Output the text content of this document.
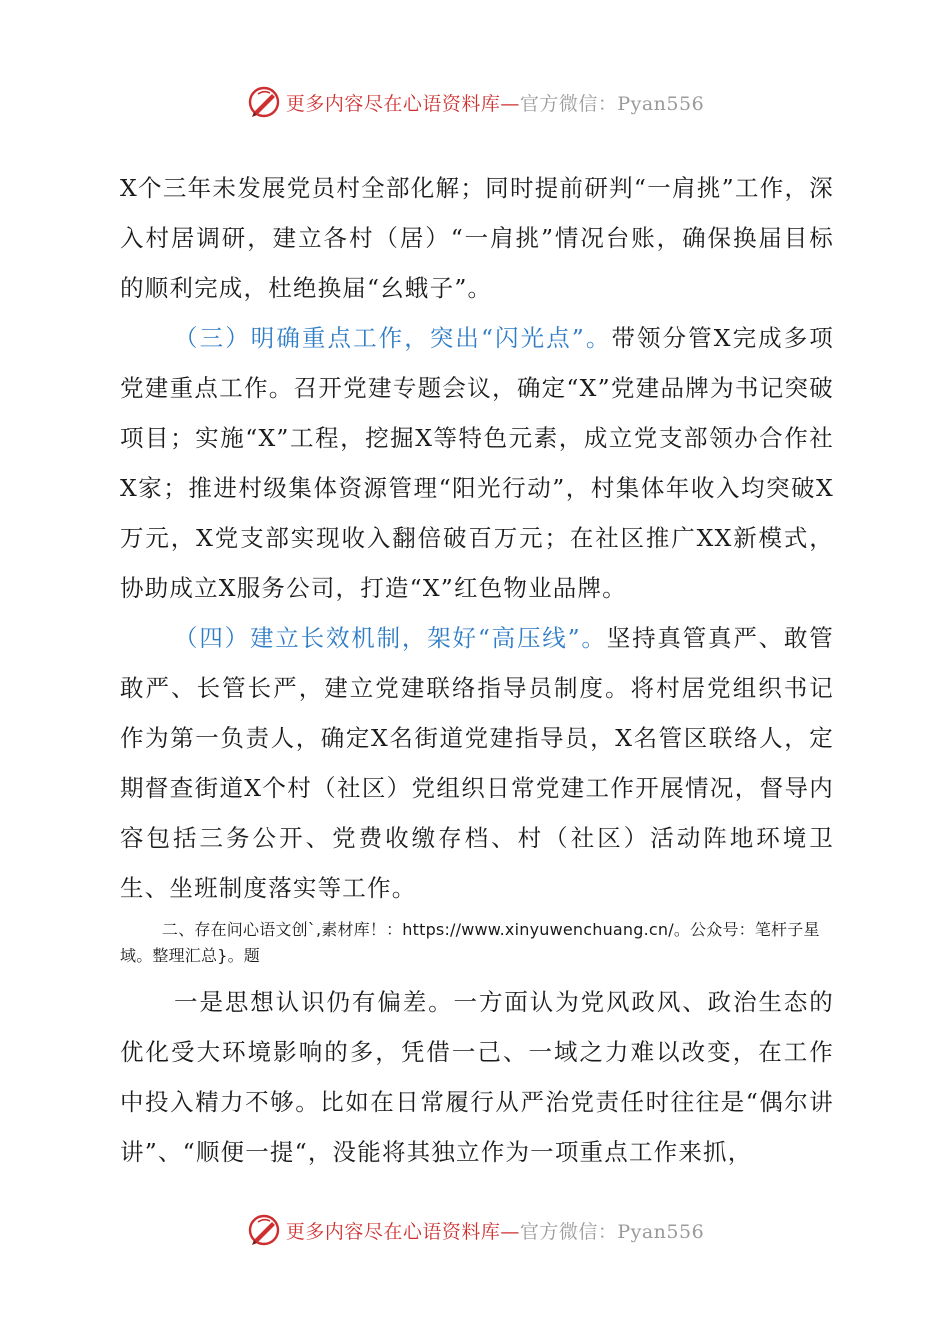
更多内容尽在心语资料库—官方微信：Pyan556

X个三年未发展党员村全部化解；同时提前研判“一肩挑”工作，深入村居调研，建立各村（居）“一肩挑”情况台账，确保换届目标的顺利完成，杜绝换届“幺蛾子”。

（三）明确重点工作，突出“闪光点”。带领分管X完成多项党建重点工作。召开党建专题会议，确定“X”党建品牌为书记突破项目；实施“X”工程，挖掘X等特色元素，成立党支部领办合作社X家；推进村级集体资源管理“阳光行动”，村集体年收入均突破X万元，X党支部实现收入翻倍破百万元；在社区推广XX新模式，协助成立X服务公司，打造“X”红色物业品牌。

（四）建立长效机制，架好“高压线”。坚持真管真严、敢管敢严、长管长严，建立党建联络指导员制度。将村居党组织书记作为第一负责人，确定X名街道党建指导员，X名管区联络人，定期督查街道X个村（社区）党组织日常党建工作开展情况，督导内容包括三务公开、党费收缴存档、村（社区）活动阵地环境卫生、坐班制度落实等工作。

二、存在问心语文创`,素材库！：https://www.xinyuwenchuang.cn/。公众号：笔杆子星域。整理汇总}。题

一是思想认识仍有偏差。一方面认为党风政风、政治生态的优化受大环境影响的多，凭借一己、一域之力难以改变，在工作中投入精力不够。比如在日常履行从严治党责任时往往是“偶尔讲讲”、“顺便一提“，没能将其独立作为一项重点工作来抓，

更多内容尽在心语资料库—官方微信：Pyan556
